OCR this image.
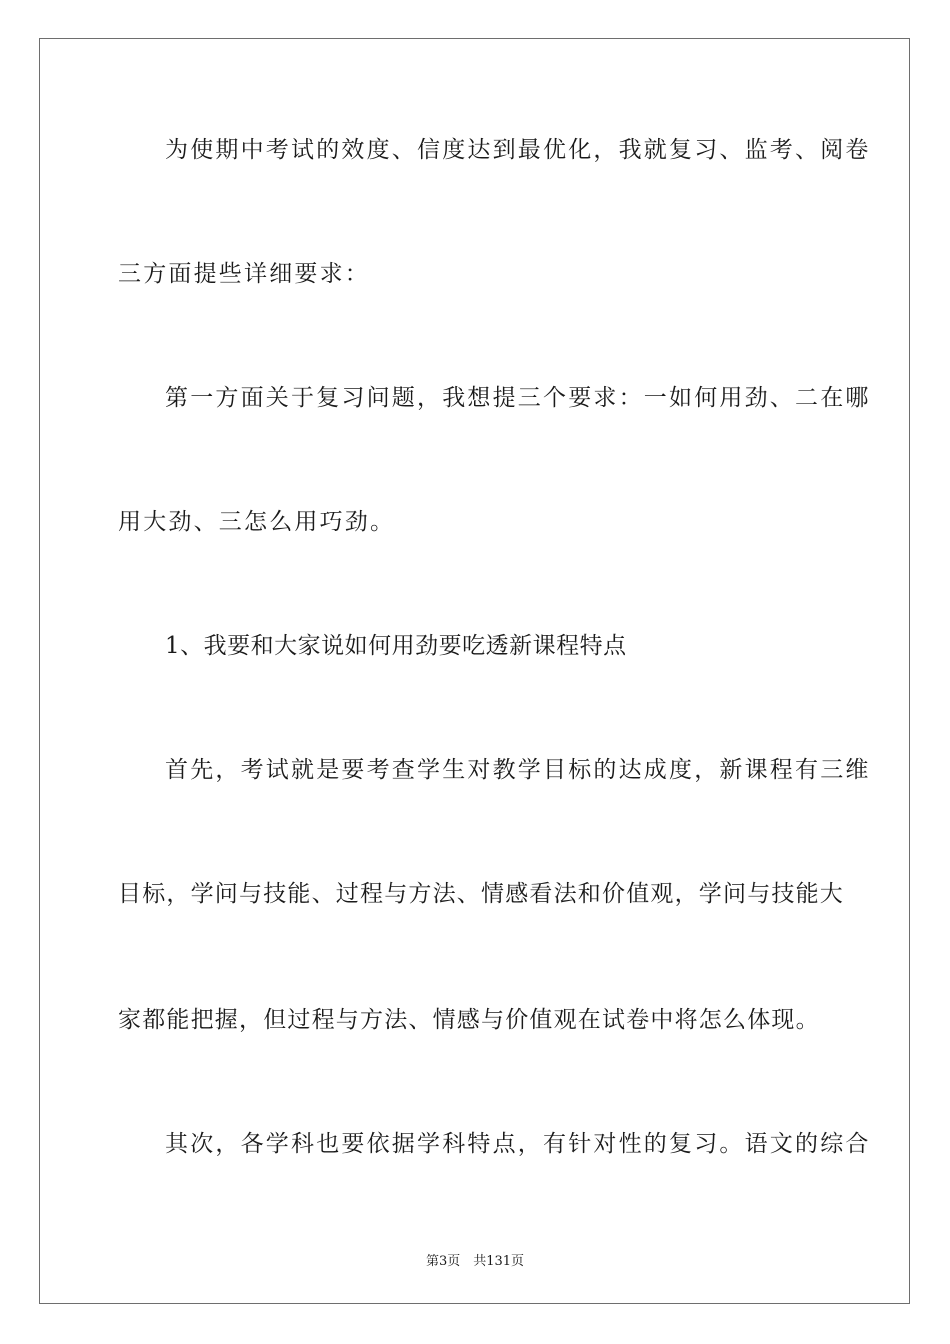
为使期中考试的效度、信度达到最优化，我就复习、监考、阅卷
三方面提些详细要求：
第一方面关于复习问题，我想提三个要求：一如何用劲、二在哪
用大劲、三怎么用巧劲。
1、我要和大家说如何用劲要吃透新课程特点
首先，考试就是要考查学生对教学目标的达成度，新课程有三维
目标，学问与技能、过程与方法、情感看法和价值观，学问与技能大
家都能把握，但过程与方法、情感与价值观在试卷中将怎么体现。
其次，各学科也要依据学科特点，有针对性的复习。语文的综合
第3页　共131页
